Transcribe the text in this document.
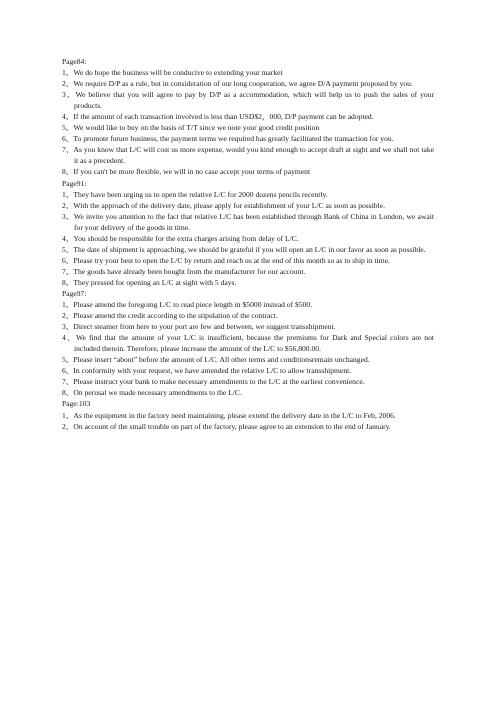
Page84:

1、We do hope the business will be conducive to extending your market

2、We require D/P as a rule, but in consideration of our long cooperation, we agree D/A payment proposed by you.

3、We believe that you will agree to pay by D/P as a accommodation, which will help us to push the sales of your products.

4、If the amount of each transaction involved is less than USD$2，000, D/P payment can be adopted.

5、We would like to buy on the basis of T/T since we note your good credit position

6、To promote future business, the payment terms we required has greatly facilitated the transaction for you.

7、As you know that L/C will cost us more expense, would you kind enough to accept draft at sight and we shall not take it as a precedent.

8、If you can't be more flexible, we will in no case accept your terms of payment

Page91:

1、They have been urging us to open the relative L/C for 2000 dozens pencils recently.

2、With the approach of the delivery date, please apply for establishment of your L/C as soon as possible.

3、We invite you attention to the fact that relative L/C has been established through Bank of China in London, we await for your delivery of the goods in time.

4、You should be responsible for the extra charges arising from delay of L/C.

5、The date of shipment is approaching, we should be grateful if you will open an L/C in our favor as soon as possible.

6、Please try your best to open the L/C by return and reach us at the end of this month so as to ship in time.

7、The goods have already been bought from the manufacturer for our account.

8、They pressed for opening an L/C at sight with 5 days.

Page97:

1、Please amend the foregoing L/C to read piece length in $5000 instead of $500.

2、Please amend the credit according to the stipulation of the contract.

3、Direct steamer from here to your port are few and between, we suggest transshipment.

4、We find that the amount of your L/C is insufficient, because the premiums for Dark and Special colors are not included therein. Therefore, please increase the amount of the L/C to $56,800.00.

5、Please insert “about” before the amount of L/C. All other terms and conditionsremain unchanged.

6、In conformity with your request, we have amended the relative L/C to allow transshipment.

7、Please instruct your bank to make necessary amendments to the L/C at the earliest convenience.

8、On perusal we made necessary amendments to the L/C.

Page:103

1、As the equipment in the factory need maintaining, please extend the delivery date in the L/C to Feb, 2006.

2、On account of the small trouble on part of the factory, please agree to an extension to the end of January.
